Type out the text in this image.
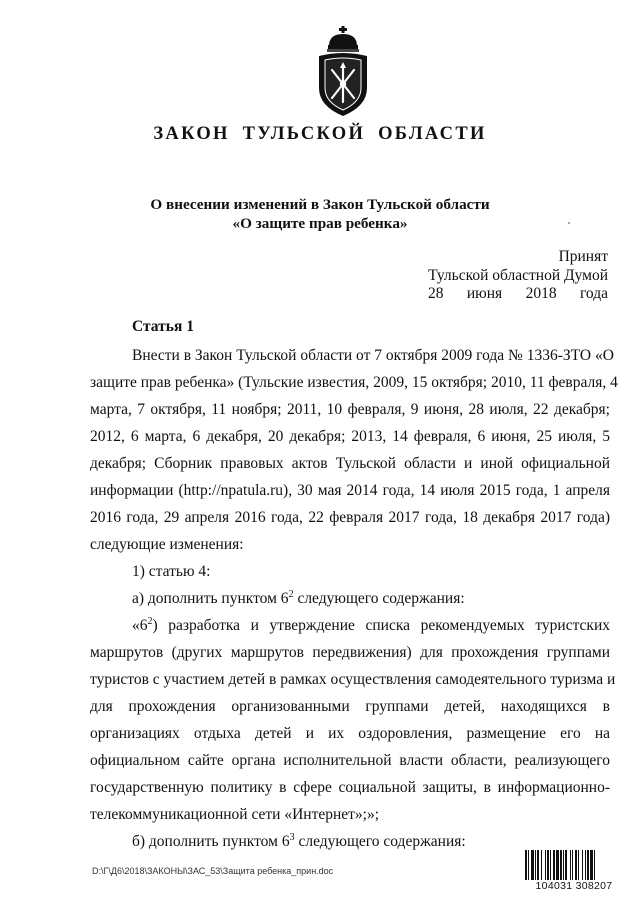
ЗАКОН ТУЛЬСКОЙ ОБЛАСТИ
О внесении изменений в Закон Тульской области
«О защите прав ребенка»
Принят
Тульской областной Думой
28 июня 2018 года
Статья 1
Внести в Закон Тульской области от 7 октября 2009 года № 1336-ЗТО «О
защите прав ребенка» (Тульские известия, 2009, 15 октября; 2010, 11 февраля, 4
марта, 7 октября, 11 ноября; 2011, 10 февраля, 9 июня, 28 июля, 22 декабря;
2012, 6 марта, 6 декабря, 20 декабря; 2013, 14 февраля, 6 июня, 25 июля, 5
декабря; Сборник правовых актов Тульской области и иной официальной
информации (http://npatula.ru), 30 мая 2014 года, 14 июля 2015 года, 1 апреля
2016 года, 29 апреля 2016 года, 22 февраля 2017 года, 18 декабря 2017 года)
следующие изменения:
1) статью 4:
а) дополнить пунктом $6^2$ следующего содержания:
«$6^2$) разработка и утверждение списка рекомендуемых туристских
маршрутов (других маршрутов передвижения) для прохождения группами
туристов с участием детей в рамках осуществления самодеятельного туризма и
для прохождения организованными группами детей, находящихся в
организациях отдыха детей и их оздоровления, размещение его на
официальном сайте органа исполнительной власти области, реализующего
государственную политику в сфере социальной защиты, в информационно-
телекоммуникационной сети «Интернет»;»;
б) дополнить пунктом $6^3$ следующего содержания:
D:\Г\Д6\2018\ЗАКОНЫ\ЗАС_53\Защита ребенка_прин.doc
104031 308207
